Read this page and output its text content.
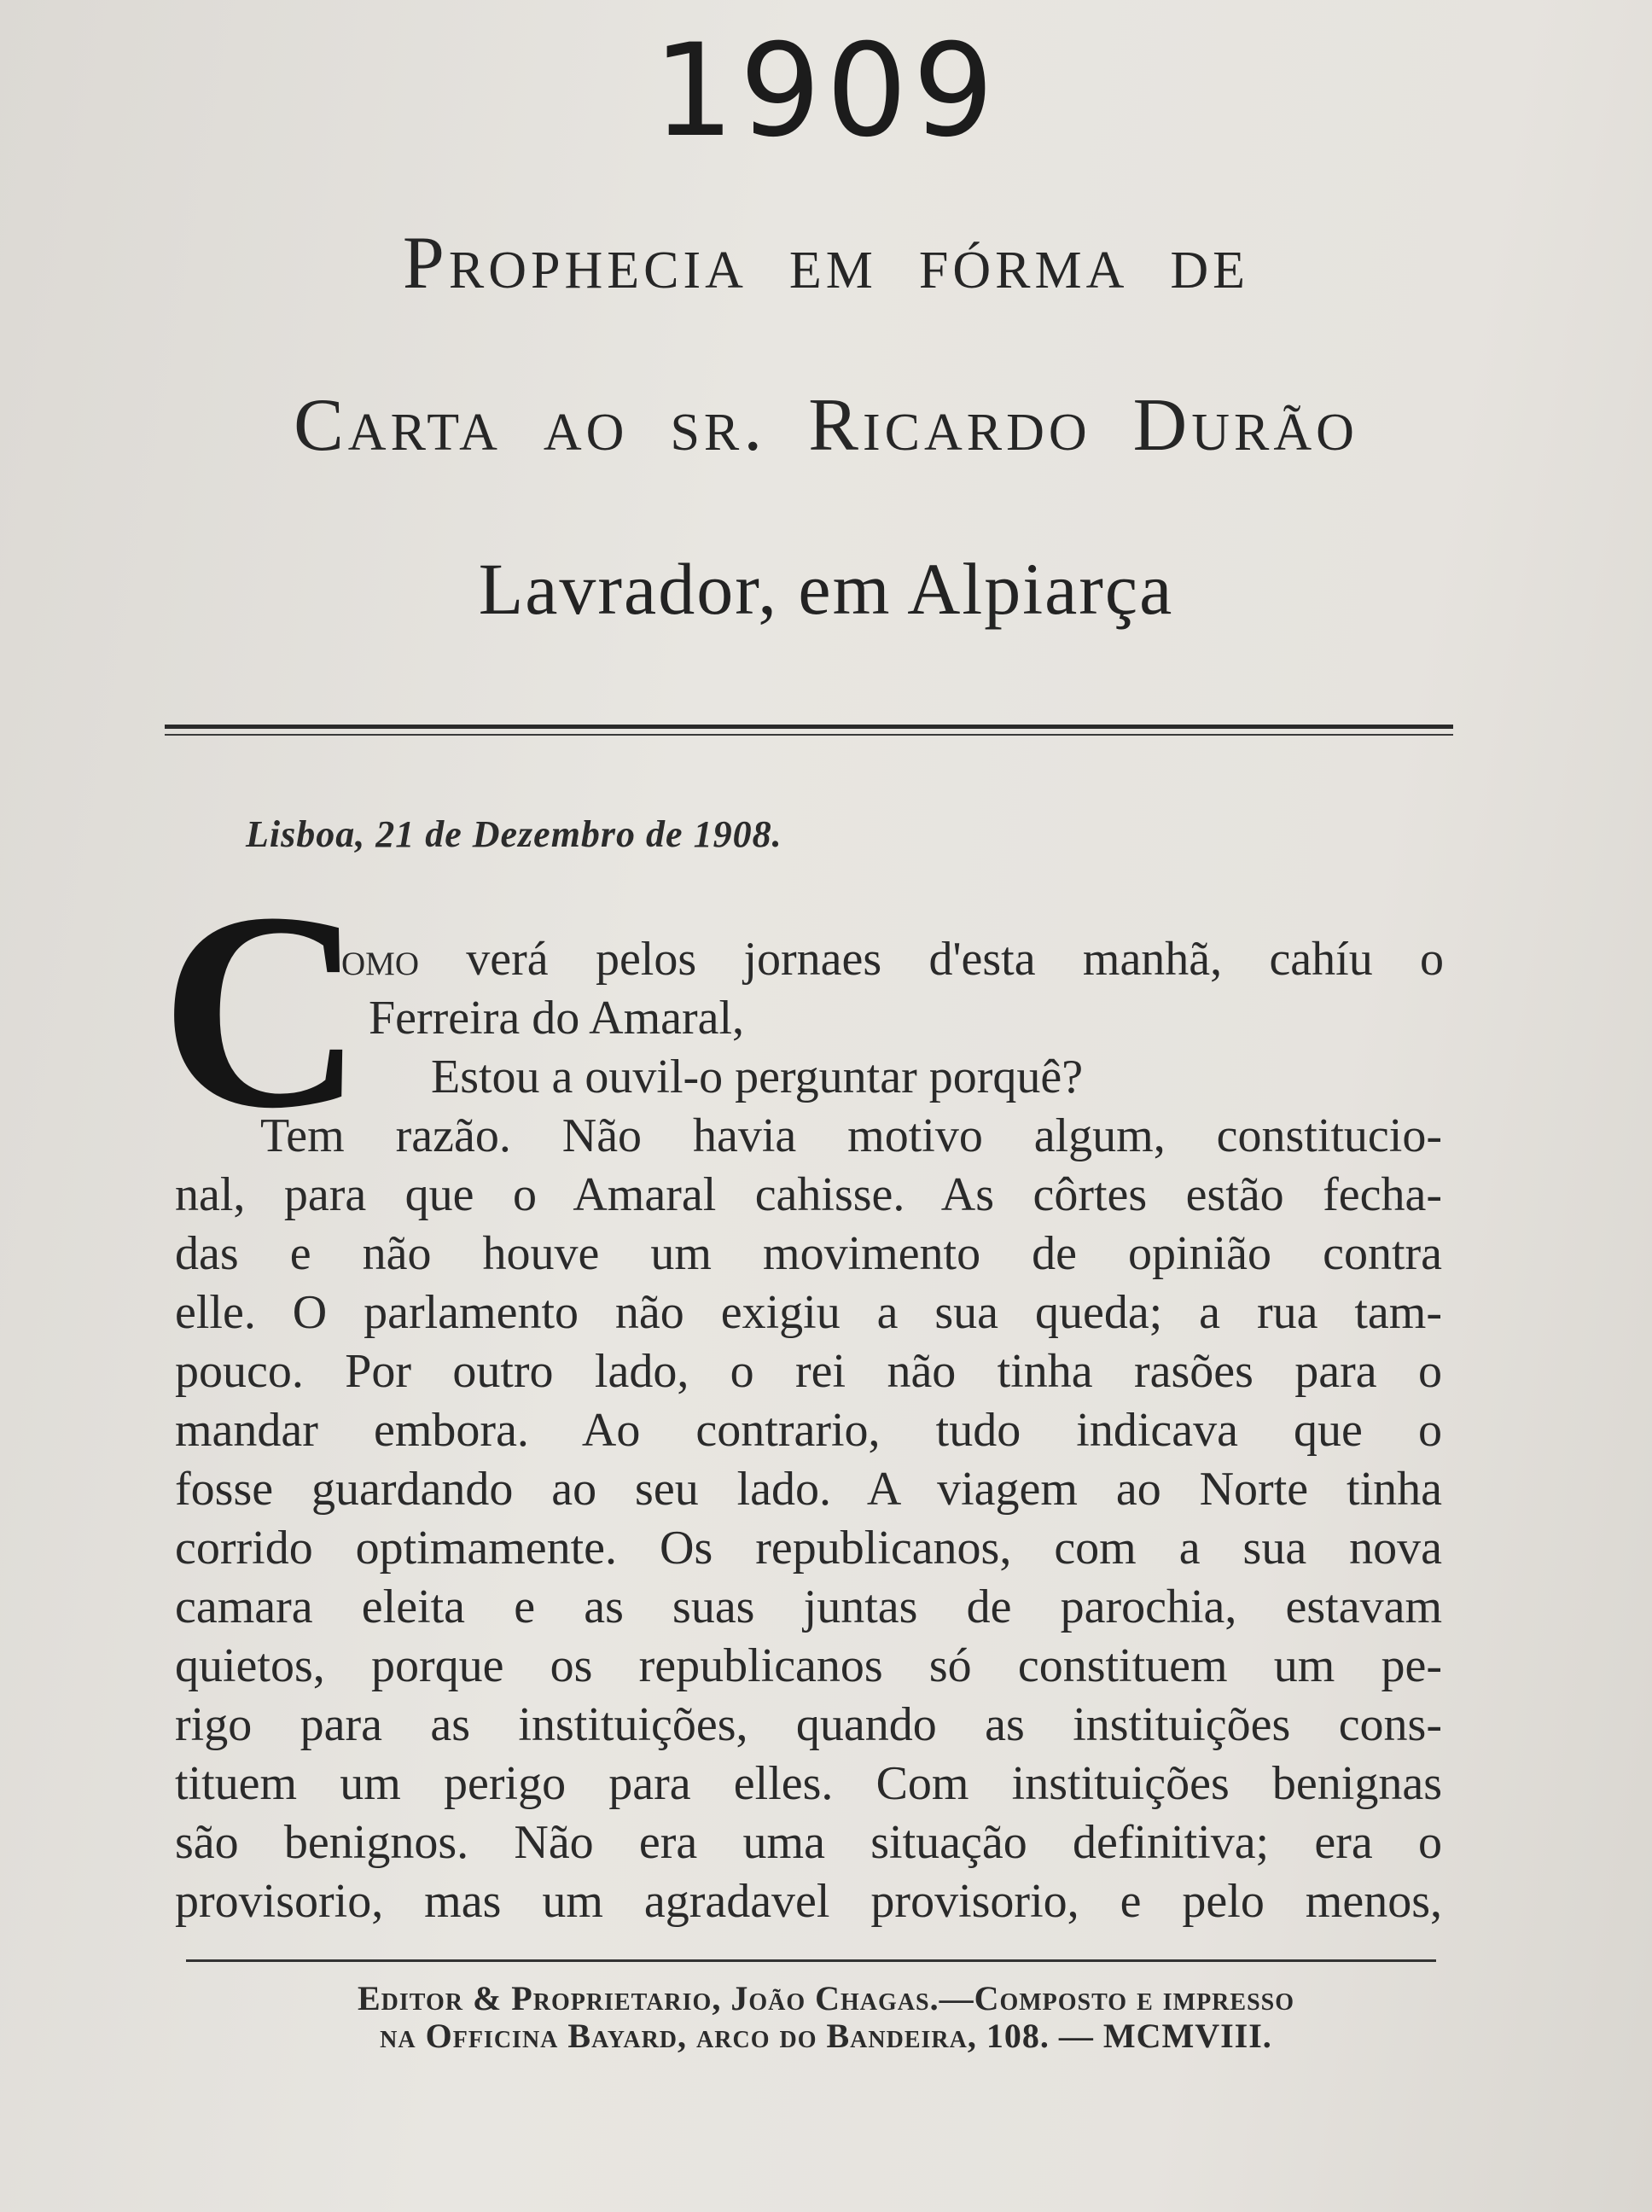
1909
Prophecia em fórma de
Carta ao sr. Ricardo Durão
Lavrador, em Alpiarça
Lisboa, 21 de Dezembro de 1908.
C
omo verá pelos jornaes d'esta manhã, cahíu o
Ferreira do Amaral,
Estou a ouvil-o perguntar porquê?
Tem razão. Não havia motivo algum, constitucio-
nal, para que o Amaral cahisse. As côrtes estão fecha-
das e não houve um movimento de opinião contra
elle. O parlamento não exigiu a sua queda; a rua tam-
pouco. Por outro lado, o rei não tinha rasões para o
mandar embora. Ao contrario, tudo indicava que o
fosse guardando ao seu lado. A viagem ao Norte tinha
corrido optimamente. Os republicanos, com a sua nova
camara eleita e as suas juntas de parochia, estavam
quietos, porque os republicanos só constituem um pe-
rigo para as instituições, quando as instituições cons-
tituem um perigo para elles. Com instituições benignas
são benignos. Não era uma situação definitiva; era o
provisorio, mas um agradavel provisorio, e pelo menos,
Editor & Proprietario, João Chagas.—Composto e impresso
na Officina Bayard, arco do Bandeira, 108. — MCMVIII.
